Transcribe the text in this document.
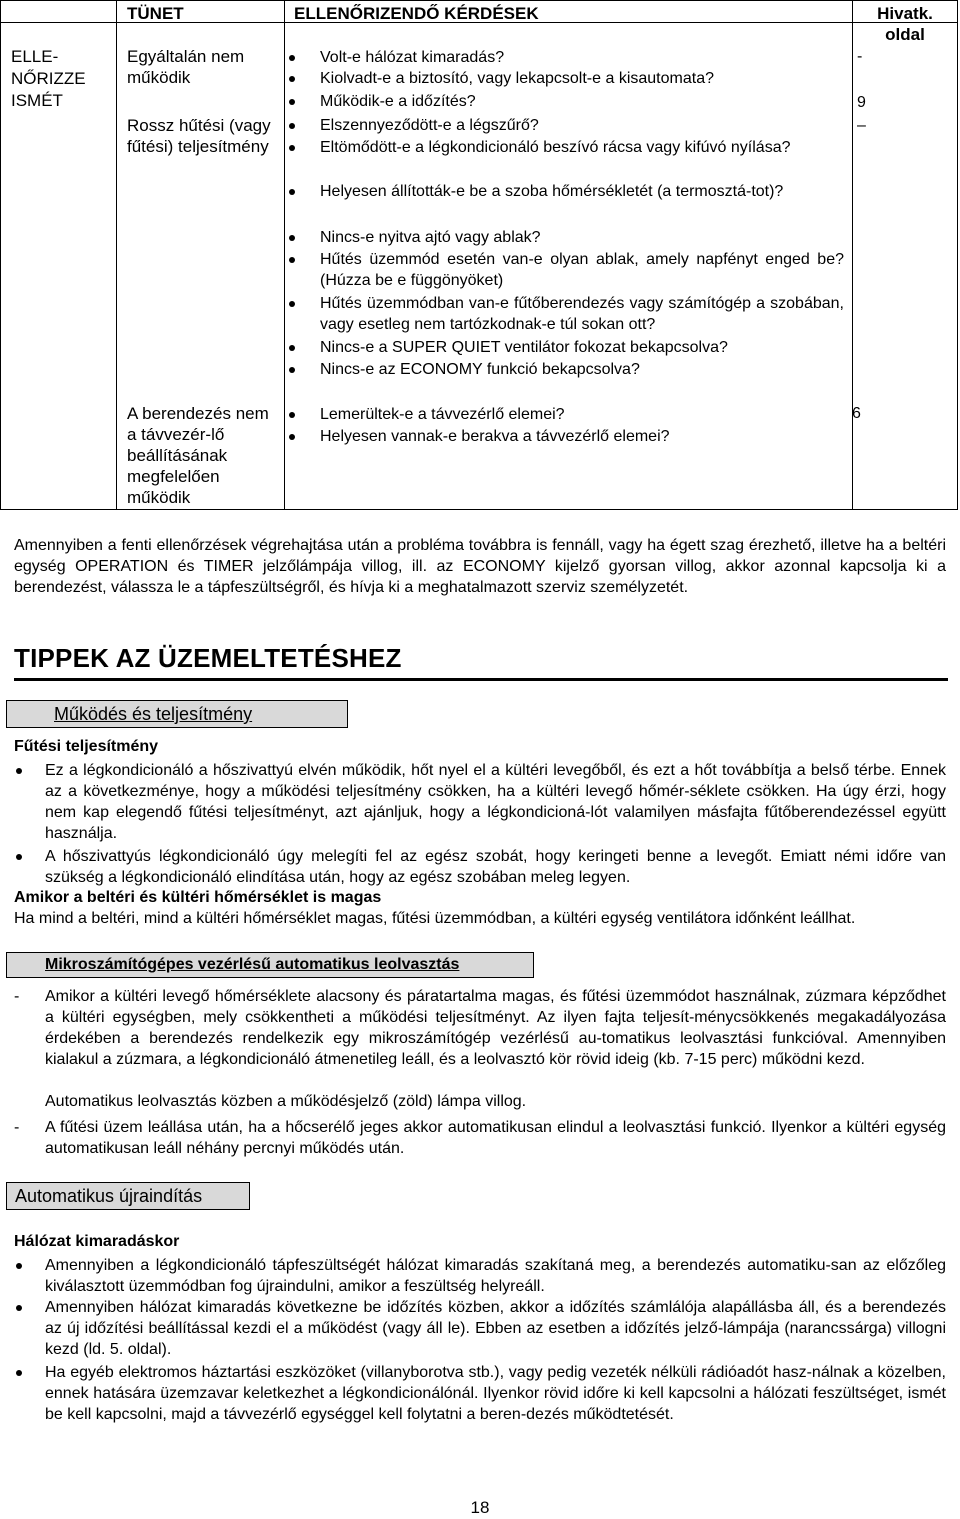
TÜNET	ELLENŐRIZENDŐ KÉRDÉSEK	Hivatk. oldal
ELLE-NŐRIZZE ISMÉT
Egyáltalán nem működik
Volt-e hálózat kimaradás?
Kiolvadt-e a biztosító, vagy lekapcsolt-e a kisautomata?
Működik-e a időzítés?
-
9
Rossz hűtési (vagy fűtési) teljesítmény
Elszennyeződött-e a légszűrő?
Eltömődött-e a légkondicionáló beszívó rácsa vagy kifúvó nyílása?
Helyesen állították-e be a szoba hőmérsékletét (a termosztá-tot)?
Nincs-e nyitva ajtó vagy ablak?
Hűtés üzemmód esetén van-e olyan ablak, amely napfényt enged be? (Húzza be e függönyöket)
Hűtés üzemmódban van-e fűtőberendezés vagy számítógép a szobában, vagy esetleg nem tartózkodnak-e túl sokan ott?
Nincs-e a SUPER QUIET ventilátor fokozat bekapcsolva?
Nincs-e az ECONOMY funkció bekapcsolva?
–
A berendezés nem a távvezér-lő beállításának megfelelően működik
Lemerültek-e a távvezérlő elemei?
Helyesen vannak-e berakva a távvezérlő elemei?
6
Amennyiben a fenti ellenőrzések végrehajtása után a probléma továbbra is fennáll, vagy ha égett szag érezhető, illetve ha a beltéri egység OPERATION és TIMER jelzőlámpája villog, ill. az ECONOMY kijelző gyorsan villog, akkor azonnal kapcsolja ki a berendezést, válassza le a tápfeszültségről, és hívja ki a meghatalmazott szerviz személyzetét.
TIPPEK AZ ÜZEMELTETÉSHEZ
Működés és teljesítmény
Fűtési teljesítmény
Ez a légkondicionáló a hőszivattyú elvén működik, hőt nyel el a kültéri levegőből, és ezt a hőt továbbítja a belső térbe. Ennek az a következménye, hogy a működési teljesítmény csökken, ha a kültéri levegő hőmér-séklete csökken. Ha úgy érzi, hogy nem kap elegendő fűtési teljesítményt, azt ajánljuk, hogy a légkondicioná-lót valamilyen másfajta fűtőberendezéssel együtt használja.
A hőszivattyús légkondicionáló úgy melegíti fel az egész szobát, hogy keringeti benne a levegőt. Emiatt némi időre van szükség a légkondicionáló elindítása után, hogy az egész szobában meleg legyen.
Amikor a beltéri és kültéri hőmérséklet is magas
Ha mind a beltéri, mind a kültéri hőmérséklet magas, fűtési üzemmódban, a kültéri egység ventilátora időnként leállhat.
Mikroszámítógépes vezérlésű automatikus leolvasztás
- Amikor a kültéri levegő hőmérséklete alacsony és páratartalma magas, és fűtési üzemmódot használnak, zúzmara képződhet a kültéri egységben, mely csökkentheti a működési teljesítményt. Az ilyen fajta teljesít-ménycsökkenés megakadályozása érdekében a berendezés rendelkezik egy mikroszámítógép vezérlésű au-tomatikus leolvasztási funkcióval. Amennyiben kialakul a zúzmara, a légkondicionáló átmenetileg leáll, és a leolvasztó kör rövid ideig (kb. 7-15 perc) működni kezd.
Automatikus leolvasztás közben a működésjelző (zöld) lámpa villog.
- A fűtési üzem leállása után, ha a hőcserélő jeges akkor automatikusan elindul a leolvasztási funkció. Ilyenkor a kültéri egység automatikusan leáll néhány percnyi működés után.
Automatikus újraindítás
Hálózat kimaradáskor
Amennyiben a légkondicionáló tápfeszültségét hálózat kimaradás szakítaná meg, a berendezés automatiku-san az előzőleg kiválasztott üzemmódban fog újraindulni, amikor a feszültség helyreáll.
Amennyiben hálózat kimaradás következne be időzítés közben, akkor a időzítés számlálója alapállásba áll, és a berendezés az új időzítési beállítással kezdi el a működést (vagy áll le). Ebben az esetben a időzítés jelző-lámpája (narancssárga) villogni kezd (ld. 5. oldal).
Ha egyéb elektromos háztartási eszközöket (villanyborotva stb.), vagy pedig vezeték nélküli rádióadót hasz-nálnak a közelben, ennek hatására üzemzavar keletkezhet a légkondicionálónál. Ilyenkor rövid időre ki kell kapcsolni a hálózati feszültséget, ismét be kell kapcsolni, majd a távvezérlő egységgel kell folytatni a beren-dezés működtetését.
18
